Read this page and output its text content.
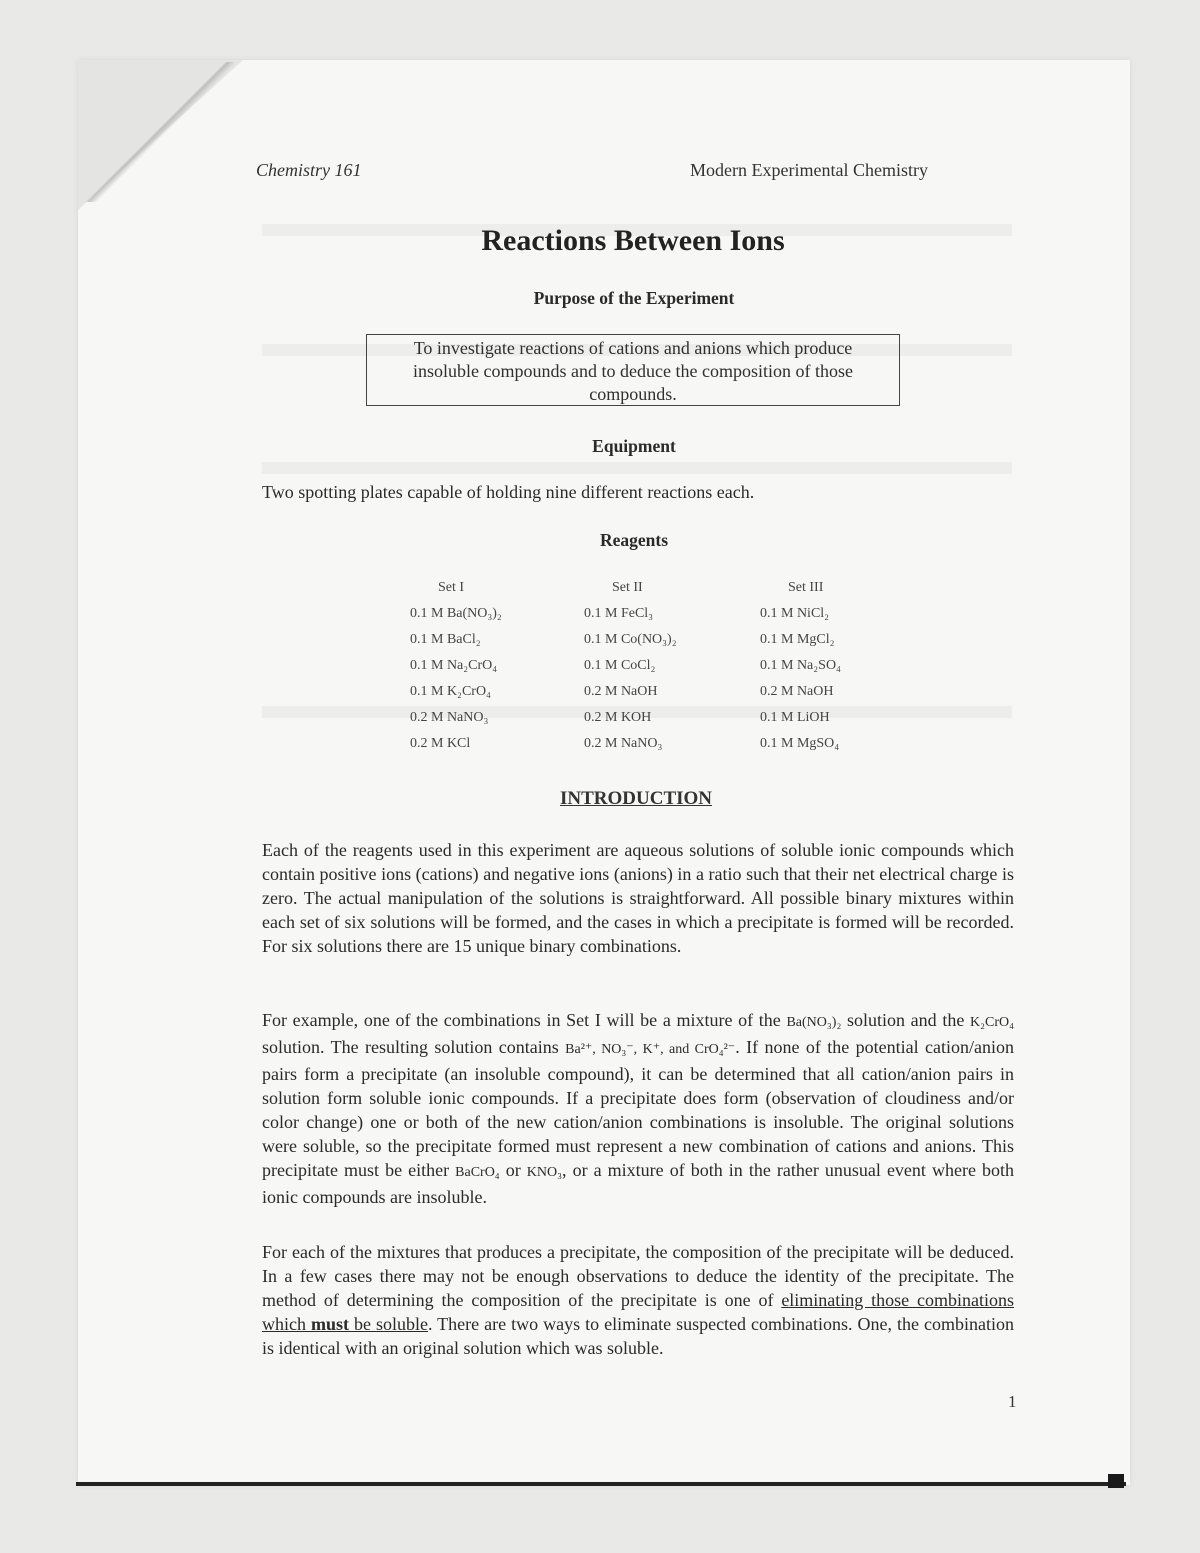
Chemistry 161	Modern Experimental Chemistry
Reactions Between Ions
Purpose of the Experiment
To investigate reactions of cations and anions which produce insoluble compounds and to deduce the composition of those compounds.
Equipment
Two spotting plates capable of holding nine different reactions each.
Reagents
Set I
0.1 M Ba(NO₃)₂
0.1 M BaCl₂
0.1 M Na₂CrO₄
0.1 M K₂CrO₄
0.2 M NaNO₃
0.2 M KCl
Set II
0.1 M FeCl₃
0.1 M Co(NO₃)₂
0.1 M CoCl₂
0.2 M NaOH
0.2 M KOH
0.2 M NaNO₃
Set III
0.1 M NiCl₂
0.1 M MgCl₂
0.1 M Na₂SO₄
0.2 M NaOH
0.1 M LiOH
0.1 M MgSO₄
INTRODUCTION
Each of the reagents used in this experiment are aqueous solutions of soluble ionic compounds which contain positive ions (cations) and negative ions (anions) in a ratio such that their net electrical charge is zero. The actual manipulation of the solutions is straightforward. All possible binary mixtures within each set of six solutions will be formed, and the cases in which a precipitate is formed will be recorded. For six solutions there are 15 unique binary combinations.
For example, one of the combinations in Set I will be a mixture of the Ba(NO₃)₂ solution and the K₂CrO₄ solution. The resulting solution contains Ba²⁺, NO₃⁻, K⁺, and CrO₄²⁻. If none of the potential cation/anion pairs form a precipitate (an insoluble compound), it can be determined that all cation/anion pairs in solution form soluble ionic compounds. If a precipitate does form (observation of cloudiness and/or color change) one or both of the new cation/anion combinations is insoluble. The original solutions were soluble, so the precipitate formed must represent a new combination of cations and anions. This precipitate must be either BaCrO₄ or KNO₃, or a mixture of both in the rather unusual event where both ionic compounds are insoluble.
For each of the mixtures that produces a precipitate, the composition of the precipitate will be deduced. In a few cases there may not be enough observations to deduce the identity of the precipitate. The method of determining the composition of the precipitate is one of eliminating those combinations which must be soluble. There are two ways to eliminate suspected combinations. One, the combination is identical with an original solution which was soluble.
1
